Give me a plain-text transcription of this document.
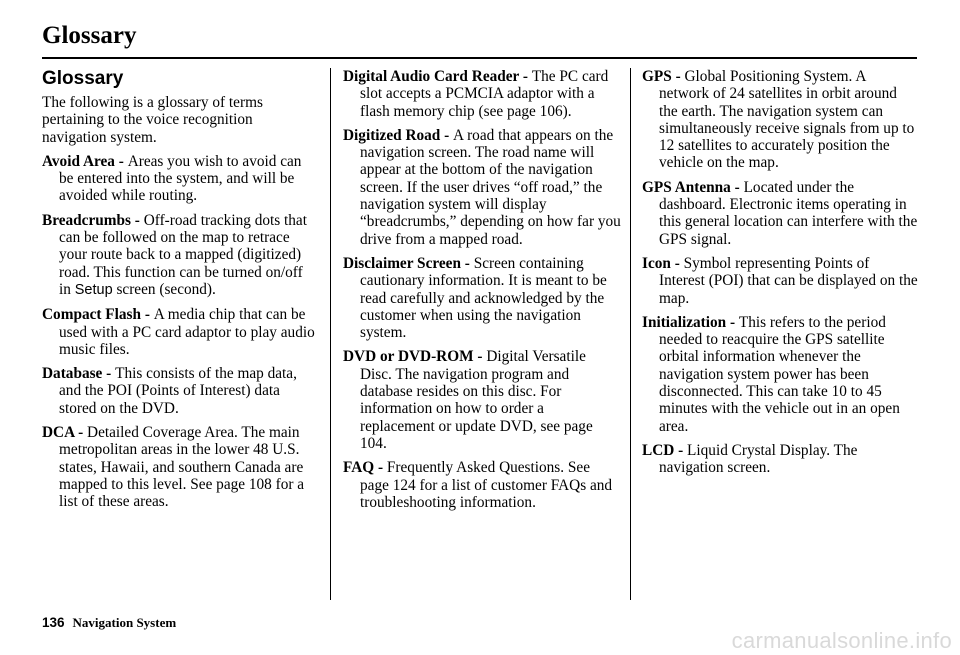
Glossary
Glossary

The following is a glossary of terms pertaining to the voice recognition navigation system.

Avoid Area - Areas you wish to avoid can be entered into the system, and will be avoided while routing.

Breadcrumbs - Off-road tracking dots that can be followed on the map to retrace your route back to a mapped (digitized) road. This function can be turned on/off in Setup screen (second).

Compact Flash - A media chip that can be used with a PC card adaptor to play audio music files.

Database - This consists of the map data, and the POI (Points of Interest) data stored on the DVD.

DCA - Detailed Coverage Area. The main metropolitan areas in the lower 48 U.S. states, Hawaii, and southern Canada are mapped to this level. See page 108 for a list of these areas.

Digital Audio Card Reader - The PC card slot accepts a PCMCIA adaptor with a flash memory chip (see page 106).

Digitized Road - A road that appears on the navigation screen. The road name will appear at the bottom of the navigation screen. If the user drives “off road,” the navigation system will display “breadcrumbs,” depending on how far you drive from a mapped road.

Disclaimer Screen - Screen containing cautionary information. It is meant to be read carefully and acknowledged by the customer when using the navigation system.

DVD or DVD-ROM - Digital Versatile Disc. The navigation program and database resides on this disc. For information on how to order a replacement or update DVD, see page 104.

FAQ - Frequently Asked Questions. See page 124 for a list of customer FAQs and troubleshooting information.

GPS - Global Positioning System. A network of 24 satellites in orbit around the earth. The navigation system can simultaneously receive signals from up to 12 satellites to accurately position the vehicle on the map.

GPS Antenna - Located under the dashboard. Electronic items operating in this general location can interfere with the GPS signal.

Icon - Symbol representing Points of Interest (POI) that can be displayed on the map.

Initialization - This refers to the period needed to reacquire the GPS satellite orbital information whenever the navigation system power has been disconnected. This can take 10 to 45 minutes with the vehicle out in an open area.

LCD - Liquid Crystal Display. The navigation screen.

136 Navigation System
carmanualsonline.info
